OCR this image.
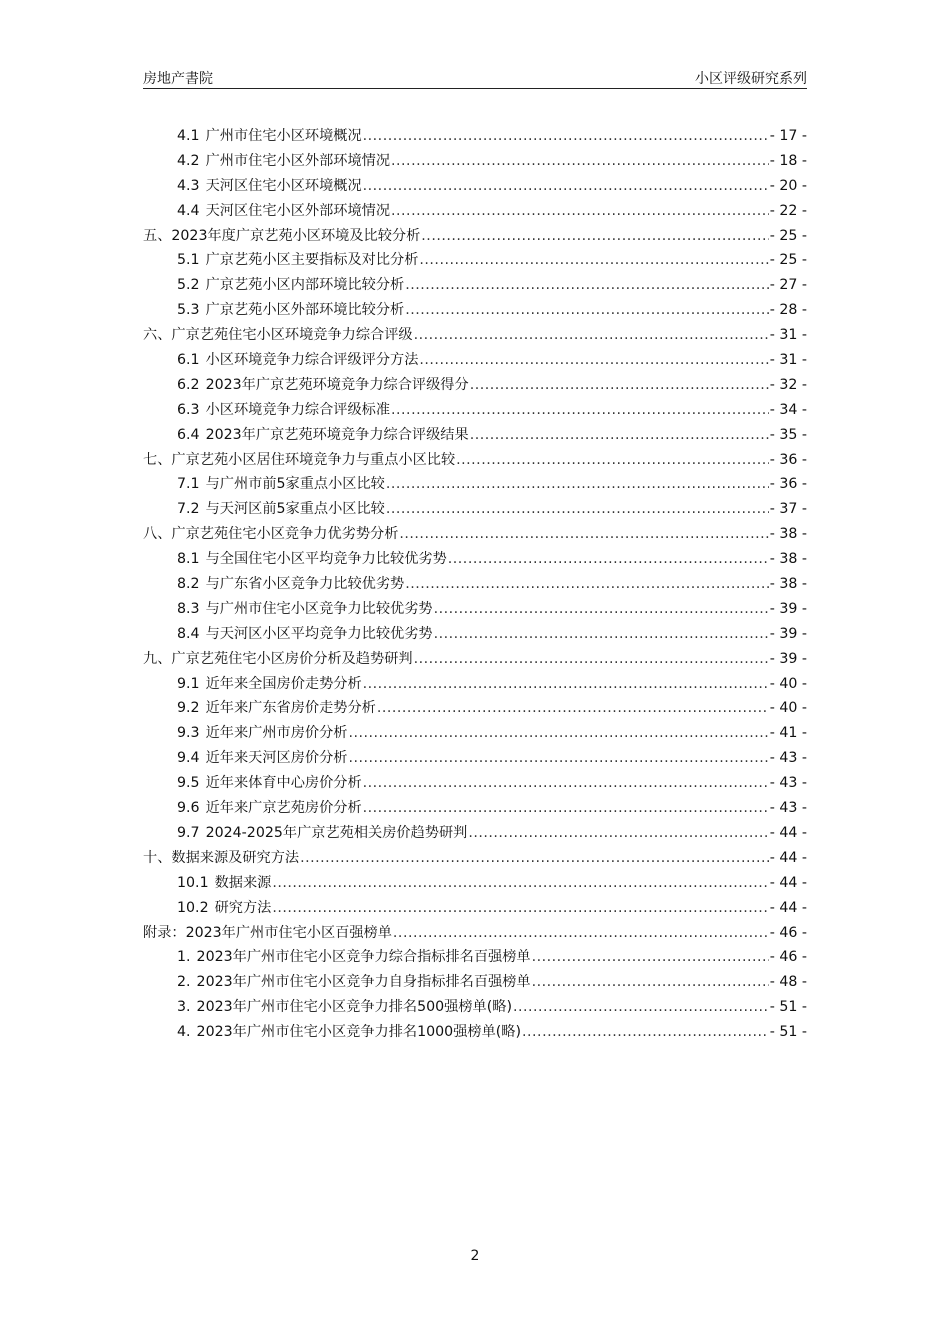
房地产書院	小区评级研究系列
4.1 广州市住宅小区环境概况 .....	- 17 -
4.2 广州市住宅小区外部环境情况 .....	- 18 -
4.3 天河区住宅小区环境概况 .....	- 20 -
4.4 天河区住宅小区外部环境情况 .....	- 22 -
五、2023年度广京艺苑小区环境及比较分析 .....	- 25 -
5.1 广京艺苑小区主要指标及对比分析 .....	- 25 -
5.2 广京艺苑小区内部环境比较分析 .....	- 27 -
5.3 广京艺苑小区外部环境比较分析 .....	- 28 -
六、广京艺苑住宅小区环境竞争力综合评级 .....	- 31 -
6.1 小区环境竞争力综合评级评分方法 .....	- 31 -
6.2 2023年广京艺苑环境竞争力综合评级得分 .....	- 32 -
6.3 小区环境竞争力综合评级标准 .....	- 34 -
6.4 2023年广京艺苑环境竞争力综合评级结果 .....	- 35 -
七、广京艺苑小区居住环境竞争力与重点小区比较 .....	- 36 -
7.1 与广州市前5家重点小区比较 .....	- 36 -
7.2 与天河区前5家重点小区比较 .....	- 37 -
八、广京艺苑住宅小区竞争力优劣势分析 .....	- 38 -
8.1 与全国住宅小区平均竞争力比较优劣势 .....	- 38 -
8.2 与广东省小区竞争力比较优劣势 .....	- 38 -
8.3 与广州市住宅小区竞争力比较优劣势 .....	- 39 -
8.4 与天河区小区平均竞争力比较优劣势 .....	- 39 -
九、广京艺苑住宅小区房价分析及趋势研判 .....	- 39 -
9.1 近年来全国房价走势分析 .....	- 40 -
9.2 近年来广东省房价走势分析 .....	- 40 -
9.3 近年来广州市房价分析 .....	- 41 -
9.4 近年来天河区房价分析 .....	- 43 -
9.5 近年来体育中心房价分析 .....	- 43 -
9.6 近年来广京艺苑房价分析 .....	- 43 -
9.7 2024-2025年广京艺苑相关房价趋势研判 .....	- 44 -
十、数据来源及研究方法 .....	- 44 -
10.1 数据来源 .....	- 44 -
10.2 研究方法 .....	- 44 -
附录：2023年广州市住宅小区百强榜单 .....	- 46 -
1. 2023年广州市住宅小区竞争力综合指标排名百强榜单 .....	- 46 -
2. 2023年广州市住宅小区竞争力自身指标排名百强榜单 .....	- 48 -
3. 2023年广州市住宅小区竞争力排名500强榜单(略) .....	- 51 -
4. 2023年广州市住宅小区竞争力排名1000强榜单(略) .....	- 51 -
2
